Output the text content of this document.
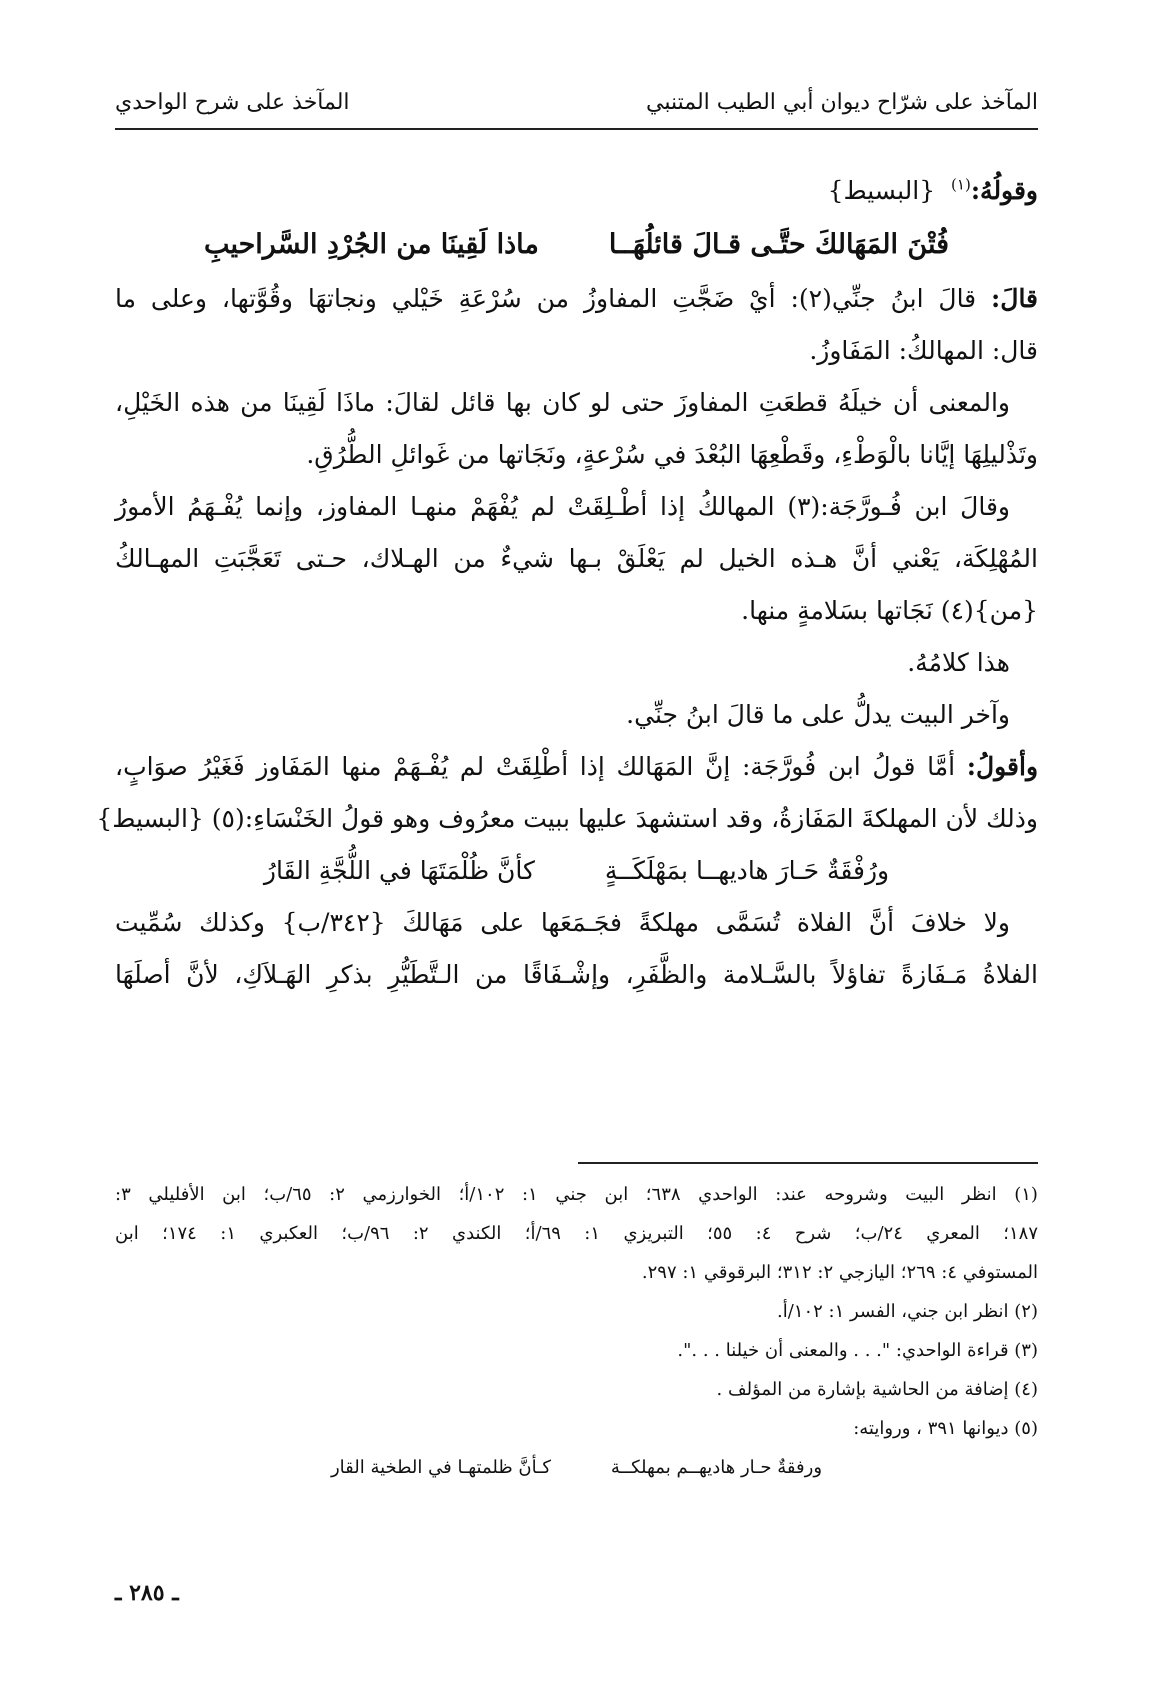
المآخذ على شرّاح ديوان أبي الطيب المتنبي
المآخذ على شرح الواحدي
وقولُهُ:$^{(١)}$  {البسيط}
فُتْنَ المَهَالكَ حتَّـى قـالَ قائلُهَــا
ماذا لَقِينَا من الجُرْدِ السَّراحيبِ
قالَ: قالَ ابنُ جنِّي(٢): أيْ ضَجَّتِ المفاوزُ من سُرْعَةِ خَيْلي ونجاتهَا وقُوَّتها، وعلى ما
قال: المهالكُ: المَفَاوزُ.
والمعنى أن خيلَهُ قطعَتِ المفاوزَ حتى لو كان بها قائل لقالَ: ماذَا لَقِينَا من هذه الخَيْلِ،
وتَذْليلِهَا إيَّانا بالْوَطْءِ، وقَطْعِهَا البُعْدَ في سُرْعةٍ، ونَجَاتها من غَوائلِ الطُّرُقِ.
وقالَ ابن فُـورَّجَة:(٣) المهالكُ إذا أطْـلِقَتْ لم يُفْهَمْ منهـا المفاوز، وإنما يُفْـهَمُ الأمورُ
المُهْلِكَة، يَعْني أنَّ هـذه الخيل لم يَعْلَقْ بـها شيءٌ من الهـلاك، حـتى تَعَجَّبَتِ المهـالكُ
{من}(٤) نَجَاتها بسَلامةٍ منها.
هذا كلامُهُ.
وآخر البيت يدلُّ على ما قالَ ابنُ جنِّي.
وأقولُ: أمَّا قولُ ابن فُورَّجَة: إنَّ المَهَالك إذا أطْلِقَتْ لم يُفْـهَمْ منها المَفَاوز فَغَيْرُ صوَابٍ،
وذلك لأن المهلكةَ المَفَازةُ، وقد استشهدَ عليها ببيت معرُوف وهو قولُ الخَنْسَاءِ:(٥) {البسيط}
ورُفْقَةٌ حَـارَ هاديهــا بمَهْلَكَــةٍ
كأنَّ ظُلْمَتَهَا في اللُّجَّةِ القَارُ
ولا خلافَ أنَّ الفلاة تُسَمَّى مهلكةً فجَـمَعَها على مَهَالكَ {٣٤٢/ب} وكذلك سُمِّيت
الفلاةُ مَـفَازةً تفاؤلاً بالسَّـلامة والظَّفَرِ، وإشْـفَاقًا من الـتَّطَيُّرِ بذكرِ الهَـلاَكِ، لأنَّ أصلَهَا
(١) انظر البيت وشروحه عند: الواحدي ٦٣٨؛ ابن جني ١: ١٠٢/أ؛ الخوارزمي ٢: ٦٥/ب؛ ابن الأفليلي ٣:
١٨٧؛ المعري ٢٤/ب؛ شرح ٤: ٥٥؛ التبريزي ١: ٦٩/أ؛ الكندي ٢: ٩٦/ب؛ العكبري ١: ١٧٤؛ ابن
المستوفي ٤: ٢٦٩؛ اليازجي ٢: ٣١٢؛ البرقوقي ١: ٢٩٧.
(٢) انظر ابن جني، الفسر ١: ١٠٢/أ.
(٣) قراءة الواحدي: ". . . والمعنى أن خيلنا . . .".
(٤) إضافة من الحاشية بإشارة من المؤلف .
(٥) ديوانها ٣٩١ ، وروايته:
ورفقةٌ حـار هاديهــم بمهلكــة
كـأنَّ ظلمتهـا في الطخية القار
ـ ٢٨٥ ـ
